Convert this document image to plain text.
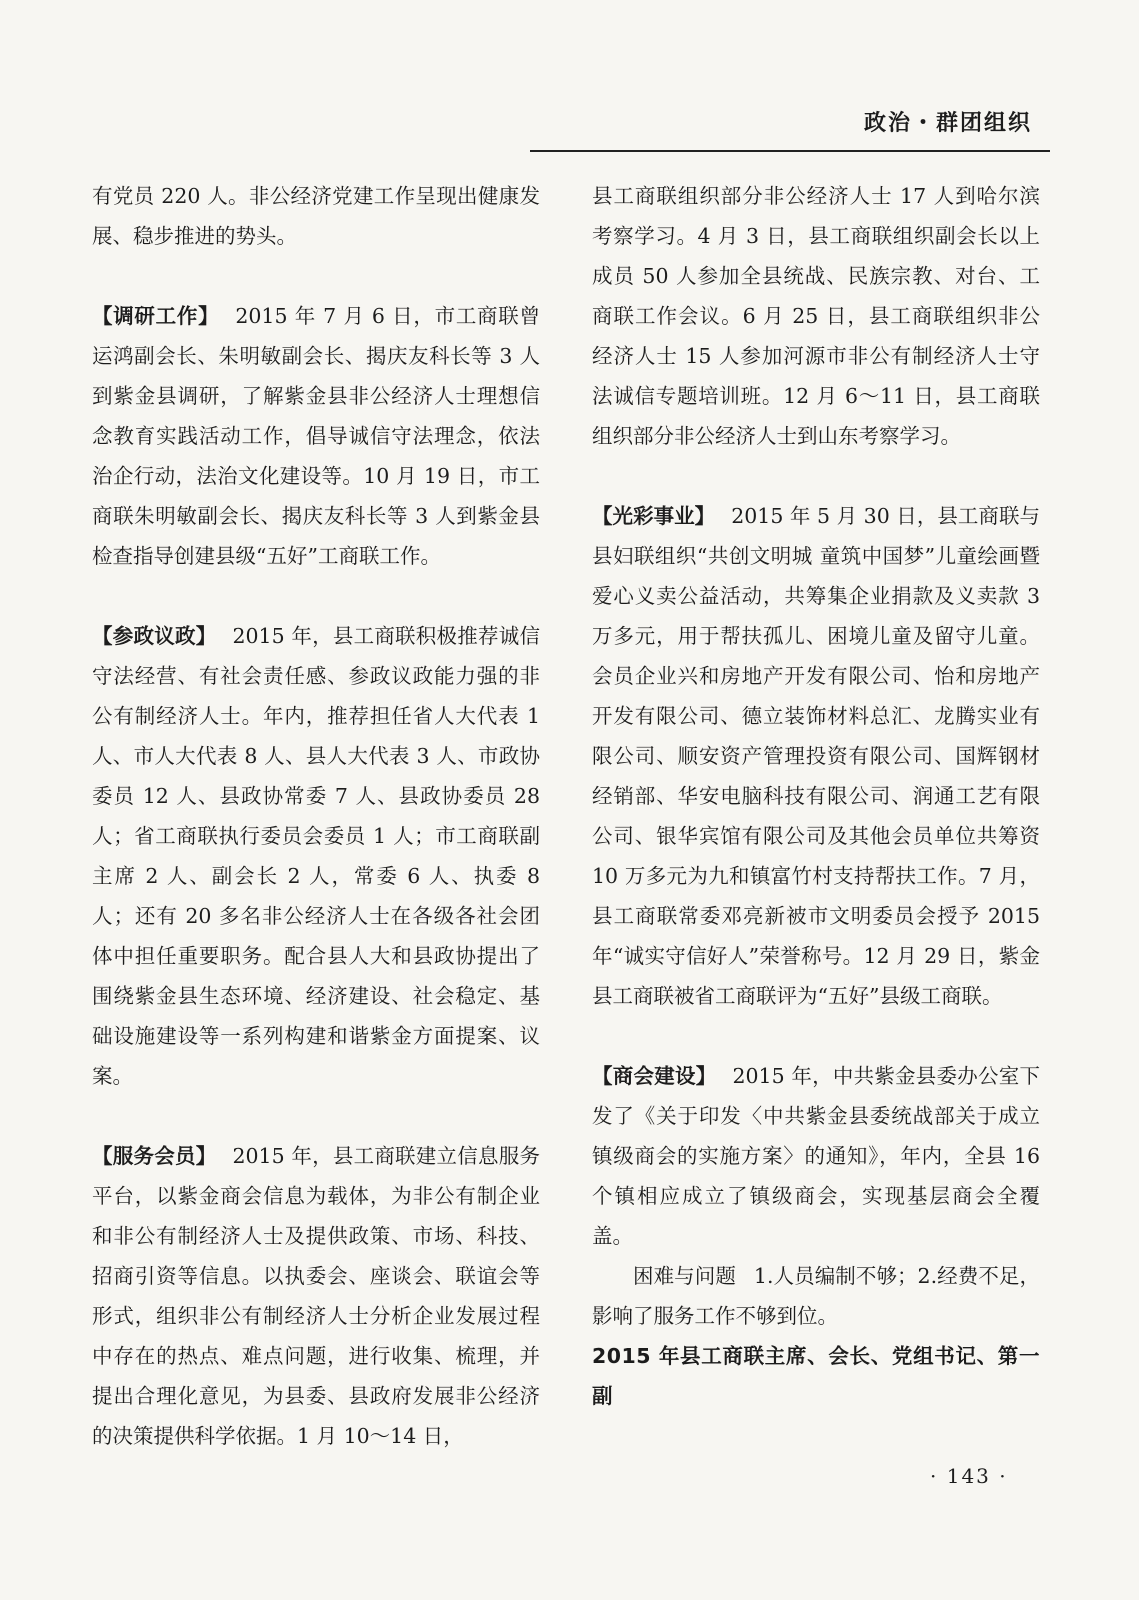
政治・群团组织

有党员 220 人。非公经济党建工作呈现出健康发展、稳步推进的势头。

【调研工作】 2015 年 7 月 6 日，市工商联曾运鸿副会长、朱明敏副会长、揭庆友科长等 3 人到紫金县调研，了解紫金县非公经济人士理想信念教育实践活动工作，倡导诚信守法理念，依法治企行动，法治文化建设等。10 月 19 日，市工商联朱明敏副会长、揭庆友科长等 3 人到紫金县检查指导创建县级“五好”工商联工作。

【参政议政】 2015 年，县工商联积极推荐诚信守法经营、有社会责任感、参政议政能力强的非公有制经济人士。年内，推荐担任省人大代表 1 人、市人大代表 8 人、县人大代表 3 人、市政协委员 12 人、县政协常委 7 人、县政协委员 28 人；省工商联执行委员会委员 1 人；市工商联副主席 2 人、副会长 2 人，常委 6 人、执委 8 人；还有 20 多名非公经济人士在各级各社会团体中担任重要职务。配合县人大和县政协提出了围绕紫金县生态环境、经济建设、社会稳定、基础设施建设等一系列构建和谐紫金方面提案、议案。

【服务会员】 2015 年，县工商联建立信息服务平台，以紫金商会信息为载体，为非公有制企业和非公有制经济人士及提供政策、市场、科技、招商引资等信息。以执委会、座谈会、联谊会等形式，组织非公有制经济人士分析企业发展过程中存在的热点、难点问题，进行收集、梳理，并提出合理化意见，为县委、县政府发展非公经济的决策提供科学依据。1 月 10～14 日，

县工商联组织部分非公经济人士 17 人到哈尔滨考察学习。4 月 3 日，县工商联组织副会长以上成员 50 人参加全县统战、民族宗教、对台、工商联工作会议。6 月 25 日，县工商联组织非公经济人士 15 人参加河源市非公有制经济人士守法诚信专题培训班。12 月 6～11 日，县工商联组织部分非公经济人士到山东考察学习。

【光彩事业】 2015 年 5 月 30 日，县工商联与县妇联组织“共创文明城 童筑中国梦”儿童绘画暨爱心义卖公益活动，共筹集企业捐款及义卖款 3 万多元，用于帮扶孤儿、困境儿童及留守儿童。会员企业兴和房地产开发有限公司、怡和房地产开发有限公司、德立装饰材料总汇、龙腾实业有限公司、顺安资产管理投资有限公司、国辉钢材经销部、华安电脑科技有限公司、润通工艺有限公司、银华宾馆有限公司及其他会员单位共筹资 10 万多元为九和镇富竹村支持帮扶工作。7 月，县工商联常委邓亮新被市文明委员会授予 2015 年“诚实守信好人”荣誉称号。12 月 29 日，紫金县工商联被省工商联评为“五好”县级工商联。

【商会建设】 2015 年，中共紫金县委办公室下发了《关于印发〈中共紫金县委统战部关于成立镇级商会的实施方案〉的通知》，年内，全县 16 个镇相应成立了镇级商会，实现基层商会全覆盖。

困难与问题 1.人员编制不够；2.经费不足，影响了服务工作不够到位。

2015 年县工商联主席、会长、党组书记、第一副

· 143 ·
